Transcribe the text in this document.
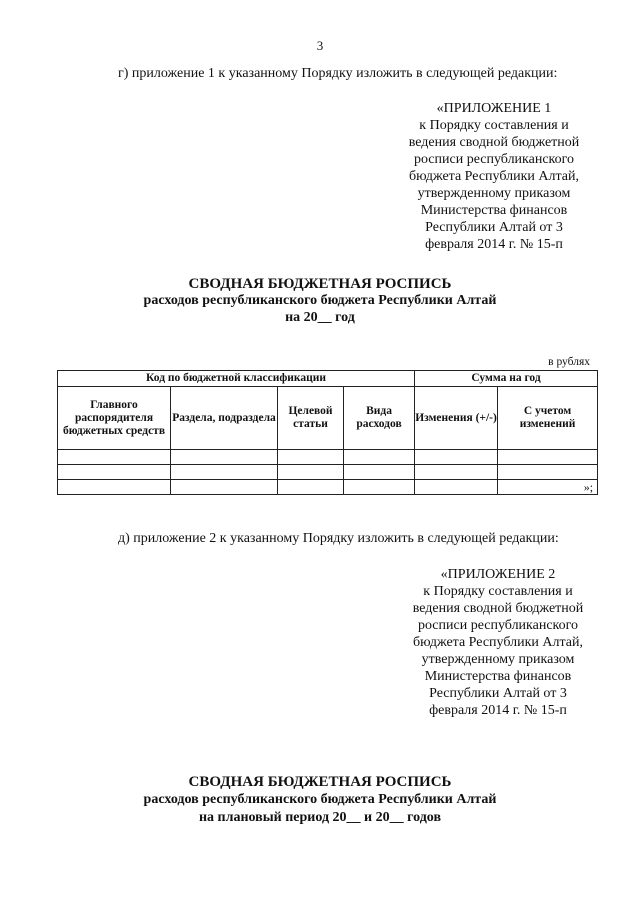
3
г) приложение 1 к указанному Порядку изложить в следующей редакции:
«ПРИЛОЖЕНИЕ 1
к Порядку составления и
ведения сводной бюджетной
росписи республиканского
бюджета Республики Алтай,
утвержденному приказом
Министерства финансов
Республики Алтай от 3
февраля 2014 г. № 15-п
СВОДНАЯ БЮДЖЕТНАЯ РОСПИСЬ
расходов республиканского бюджета Республики Алтай
на 20__ год
в рублях
Код по бюджетной классификации				Сумма на год	
Главного распорядителя бюджетных средств	Раздела, подраздела	Целевой статьи	Вида расходов	Изменения (+/-)	С учетом изменений

					»;
д) приложение 2 к указанному Порядку изложить в следующей редакции:
«ПРИЛОЖЕНИЕ 2
к Порядку составления и
ведения сводной бюджетной
росписи республиканского
бюджета Республики Алтай,
утвержденному приказом
Министерства финансов
Республики Алтай от 3
февраля 2014 г. № 15-п
СВОДНАЯ БЮДЖЕТНАЯ РОСПИСЬ
расходов республиканского бюджета Республики Алтай
на плановый период 20__ и 20__ годов
